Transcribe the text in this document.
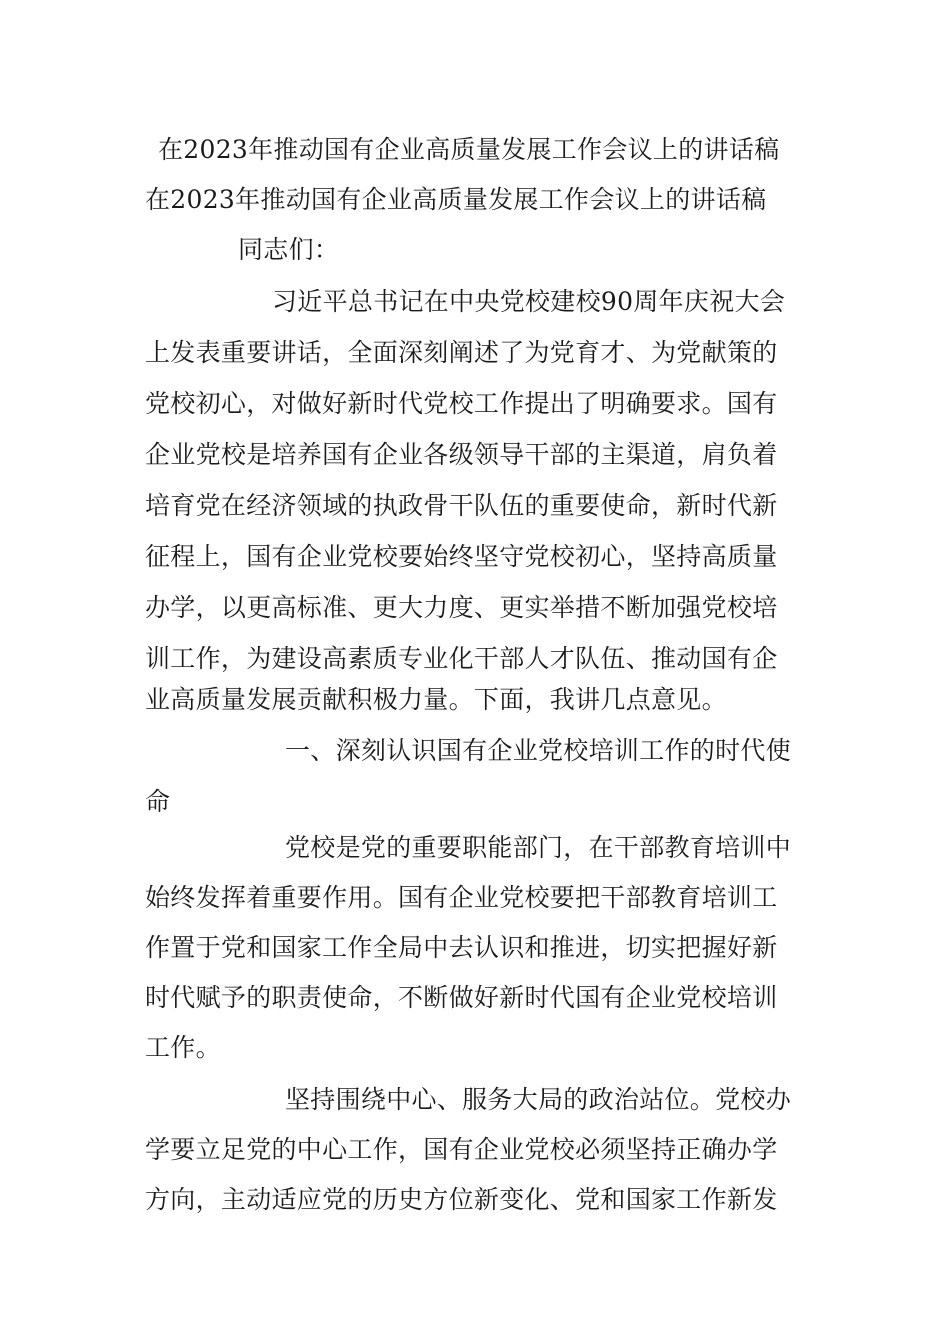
在2023年推动国有企业高质量发展工作会议上的讲话稿
在2023年推动国有企业高质量发展工作会议上的讲话稿
同志们：
习近平总书记在中央党校建校90周年庆祝大会
上发表重要讲话，全面深刻阐述了为党育才、为党献策的
党校初心，对做好新时代党校工作提出了明确要求。国有
企业党校是培养国有企业各级领导干部的主渠道，肩负着
培育党在经济领域的执政骨干队伍的重要使命，新时代新
征程上，国有企业党校要始终坚守党校初心，坚持高质量
办学，以更高标准、更大力度、更实举措不断加强党校培
训工作，为建设高素质专业化干部人才队伍、推动国有企
业高质量发展贡献积极力量。下面，我讲几点意见。
一、深刻认识国有企业党校培训工作的时代使
命
党校是党的重要职能部门，在干部教育培训中
始终发挥着重要作用。国有企业党校要把干部教育培训工
作置于党和国家工作全局中去认识和推进，切实把握好新
时代赋予的职责使命，不断做好新时代国有企业党校培训
工作。
坚持围绕中心、服务大局的政治站位。党校办
学要立足党的中心工作，国有企业党校必须坚持正确办学
方向，主动适应党的历史方位新变化、党和国家工作新发
